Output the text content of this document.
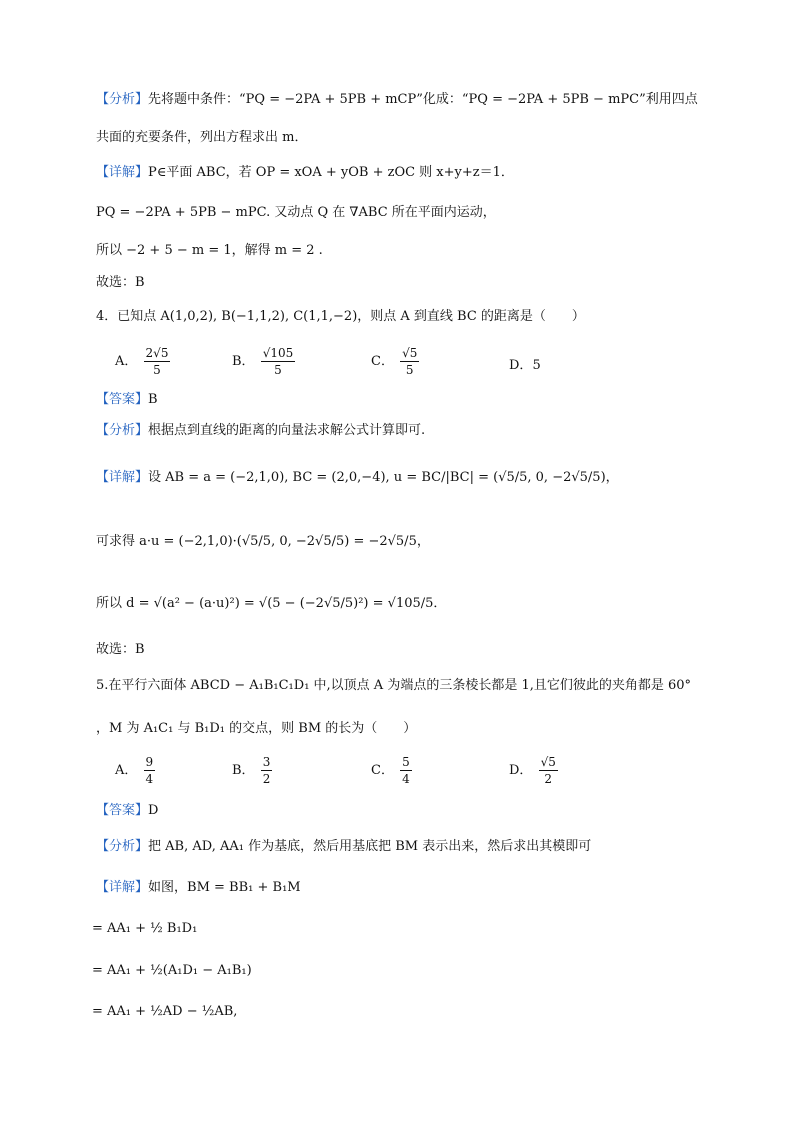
【分析】先将题中条件：“PQ = −2PA + 5PB + mCP”化成：“PQ = −2PA + 5PB − mPC”利用四点
共面的充要条件，列出方程求出 m．
【详解】P∈平面 ABC，若 OP = xOA + yOB + zOC 则 x+y+z＝1．
PQ = −2PA + 5PB − mPC. 又动点 Q 在 ∇ABC 所在平面内运动，
所以 −2 + 5 − m = 1，解得 m = 2 .
故选：B
4．已知点 A(1,0,2), B(−1,1,2), C(1,1,−2)，则点 A 到直线 BC 的距离是（　　）
A． $\frac{2√5}{5}$	B． $\frac{√105}{5}$	C． $\frac{√5}{5}$	D．5
【答案】B
【分析】根据点到直线的距离的向量法求解公式计算即可.
【详解】设 AB = a = (−2,1,0), BC = (2,0,−4), u = BC/|BC| = (√5/5, 0, −2√5/5)，
可求得 a·u = (−2,1,0)·(√5/5, 0, −2√5/5) = −2√5/5，
所以 d = √(a² − (a·u)²) = √(5 − (−2√5/5)²) = √105/5．
故选：B
5.在平行六面体 ABCD − A₁B₁C₁D₁ 中,以顶点 A 为端点的三条棱长都是 1,且它们彼此的夹角都是 60°
，M 为 A₁C₁ 与 B₁D₁ 的交点，则 BM 的长为（　　）
A． $\frac{9}{4}$	B． $\frac{3}{2}$	C． $\frac{5}{4}$	D． $\frac{√5}{2}$
【答案】D
【分析】把 AB, AD, AA₁ 作为基底，然后用基底把 BM 表示出来，然后求出其模即可
【详解】如图，BM = BB₁ + B₁M
= AA₁ + ½ B₁D₁
= AA₁ + ½(A₁D₁ − A₁B₁)
= AA₁ + ½AD − ½AB,
